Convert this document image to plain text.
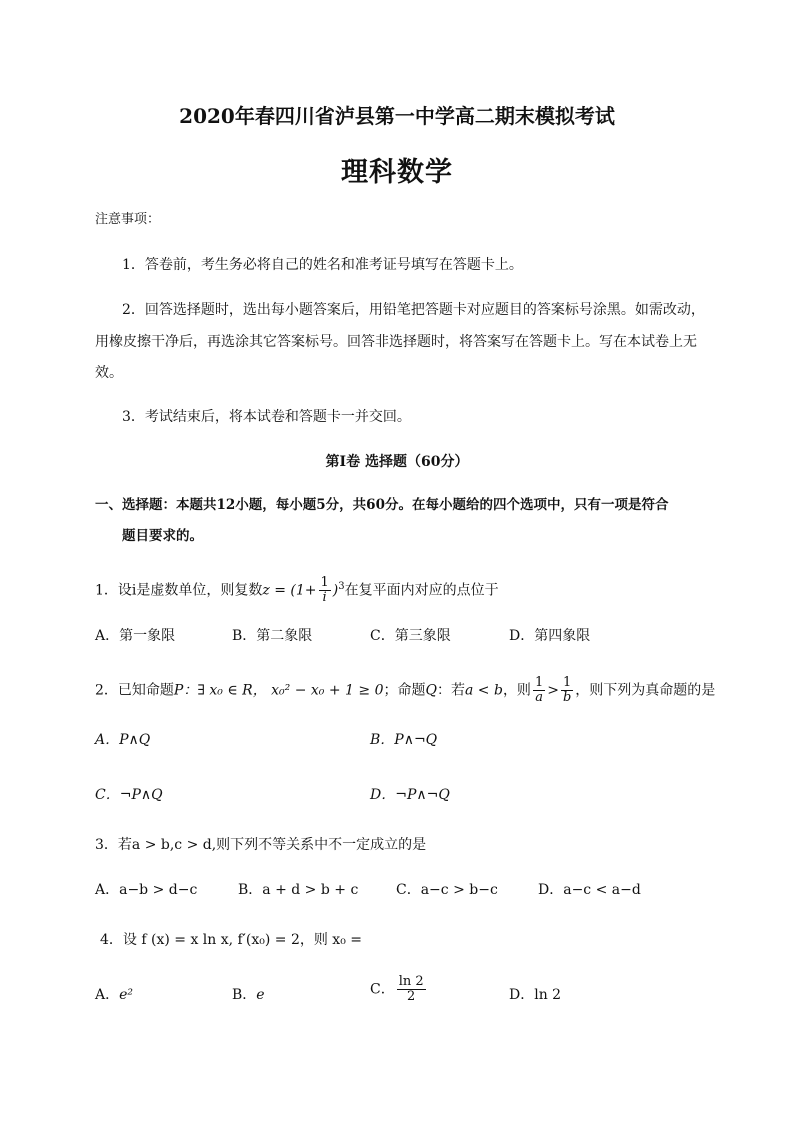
2020年春四川省泸县第一中学高二期末模拟考试
理科数学
注意事项：
1．答卷前，考生务必将自己的姓名和准考证号填写在答题卡上。
2．回答选择题时，选出每小题答案后，用铅笔把答题卡对应题目的答案标号涂黑。如需改动，
用橡皮擦干净后，再选涂其它答案标号。回答非选择题时，将答案写在答题卡上。写在本试卷上无
效。
3．考试结束后，将本试卷和答题卡一并交回。
第Ⅰ卷 选择题（60分）
一、选择题：本题共12小题，每小题5分，共60分。在每小题给的四个选项中，只有一项是符合
题目要求的。
1．设i是虚数单位，则复数$z = (1+ \frac{1}{i} )^3$在复平面内对应的点位于
A．第一象限	B．第二象限	C．第三象限	D．第四象限
2．已知命题P：∃ x₀ ∈ R， x₀² − x₀ + 1 ≥ 0；命题Q：若a < b，则 $\frac{1}{a} > \frac{1}{b}$ ，则下列为真命题的是
A．P∧Q	B．P∧¬Q
C．¬P∧Q	D．¬P∧¬Q
3．若a > b,c > d,则下列不等关系中不一定成立的是
A．a−b > d−c	B．a + d > b + c	C．a−c > b−c	D．a−c < a−d
4．设 f (x) = x ln x, f′(x₀) = 2，则 x₀ =
A．e²	B．e	C． $\frac{\ln 2}{2}$	D．ln 2
